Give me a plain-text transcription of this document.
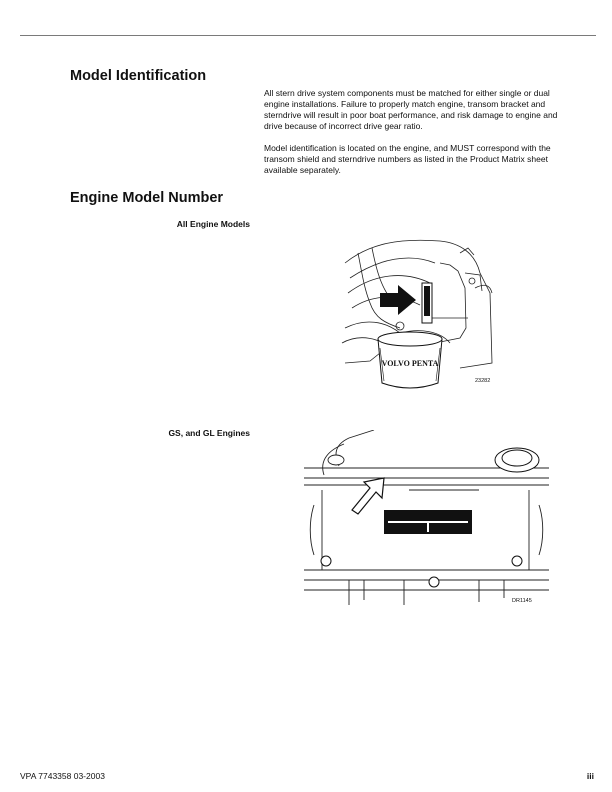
Model Identification

All stern drive system components must be matched for either single or dual engine installations. Failure to properly match engine, transom bracket and sterndrive will result in poor boat performance, and risk damage to engine and drive because of incorrect drive gear ratio.

Model identification is located on the engine, and MUST correspond with the transom shield and sterndrive numbers as listed in the Product Matrix sheet available separately.

Engine Model Number
All Engine Models
VOLVO PENTA
23282
GS, and GL Engines
DR1145
VPA 7743358 03-2003	iii
